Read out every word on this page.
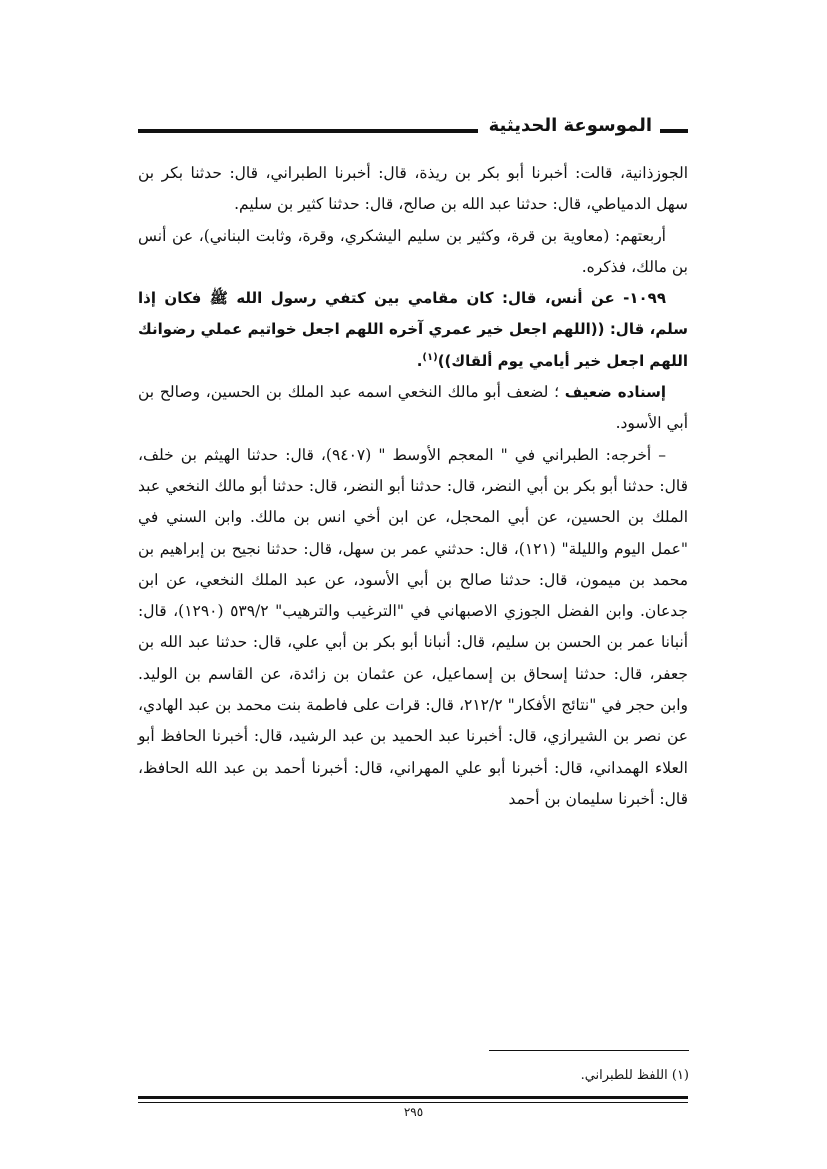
الموسوعة الحديثية

الجوزذانية، قالت: أخبرنا أبو بكر بن ريذة، قال: أخبرنا الطبراني، قال: حدثنا بكر بن سهل الدمياطي، قال: حدثنا عبد الله بن صالح، قال: حدثنا كثير بن سليم.

أربعتهم: (معاوية بن قرة، وكثير بن سليم اليشكري، وقرة، وثابت البناني)، عن أنس بن مالك، فذكره.

١٠٩٩- عن أنس، قال: كان مقامي بين كتفي رسول الله ﷺ فكان إذا سلم، قال: ((اللهم اجعل خير عمري آخره اللهم اجعل خواتيم عملي رضوانك اللهم اجعل خير أيامي يوم ألقاك))$^{(١)}$.

إسناده ضعيف ؛ لضعف أبو مالك النخعي اسمه عبد الملك بن الحسين، وصالح بن أبي الأسود.

– أخرجه: الطبراني في " المعجم الأوسط " (٩٤٠٧)، قال: حدثنا الهيثم بن خلف، قال: حدثنا أبو بكر بن أبي النضر، قال: حدثنا أبو النضر، قال: حدثنا أبو مالك النخعي عبد الملك بن الحسين، عن أبي المحجل، عن ابن أخي انس بن مالك. وابن السني في "عمل اليوم والليلة" (١٢١)، قال: حدثني عمر بن سهل، قال: حدثنا نجيح بن إبراهيم بن محمد بن ميمون، قال: حدثنا صالح بن أبي الأسود، عن عبد الملك النخعي، عن ابن جدعان. وابن الفضل الجوزي الاصبهاني في "الترغيب والترهيب" ٥٣٩/٢ (١٢٩٠)، قال: أنبانا عمر بن الحسن بن سليم، قال: أنبانا أبو بكر بن أبي علي، قال: حدثنا عبد الله بن جعفر، قال: حدثنا إسحاق بن إسماعيل، عن عثمان بن زائدة، عن القاسم بن الوليد. وابن حجر في "نتائج الأفكار" ٢١٢/٢، قال: قرات على فاطمة بنت محمد بن عبد الهادي، عن نصر بن الشيرازي، قال: أخبرنا عبد الحميد بن عبد الرشيد، قال: أخبرنا الحافظ أبو العلاء الهمداني، قال: أخبرنا أبو علي المهراني، قال: أخبرنا أحمد بن عبد الله الحافظ، قال: أخبرنا سليمان بن أحمد

(١) اللفظ للطبراني.
٢٩٥
